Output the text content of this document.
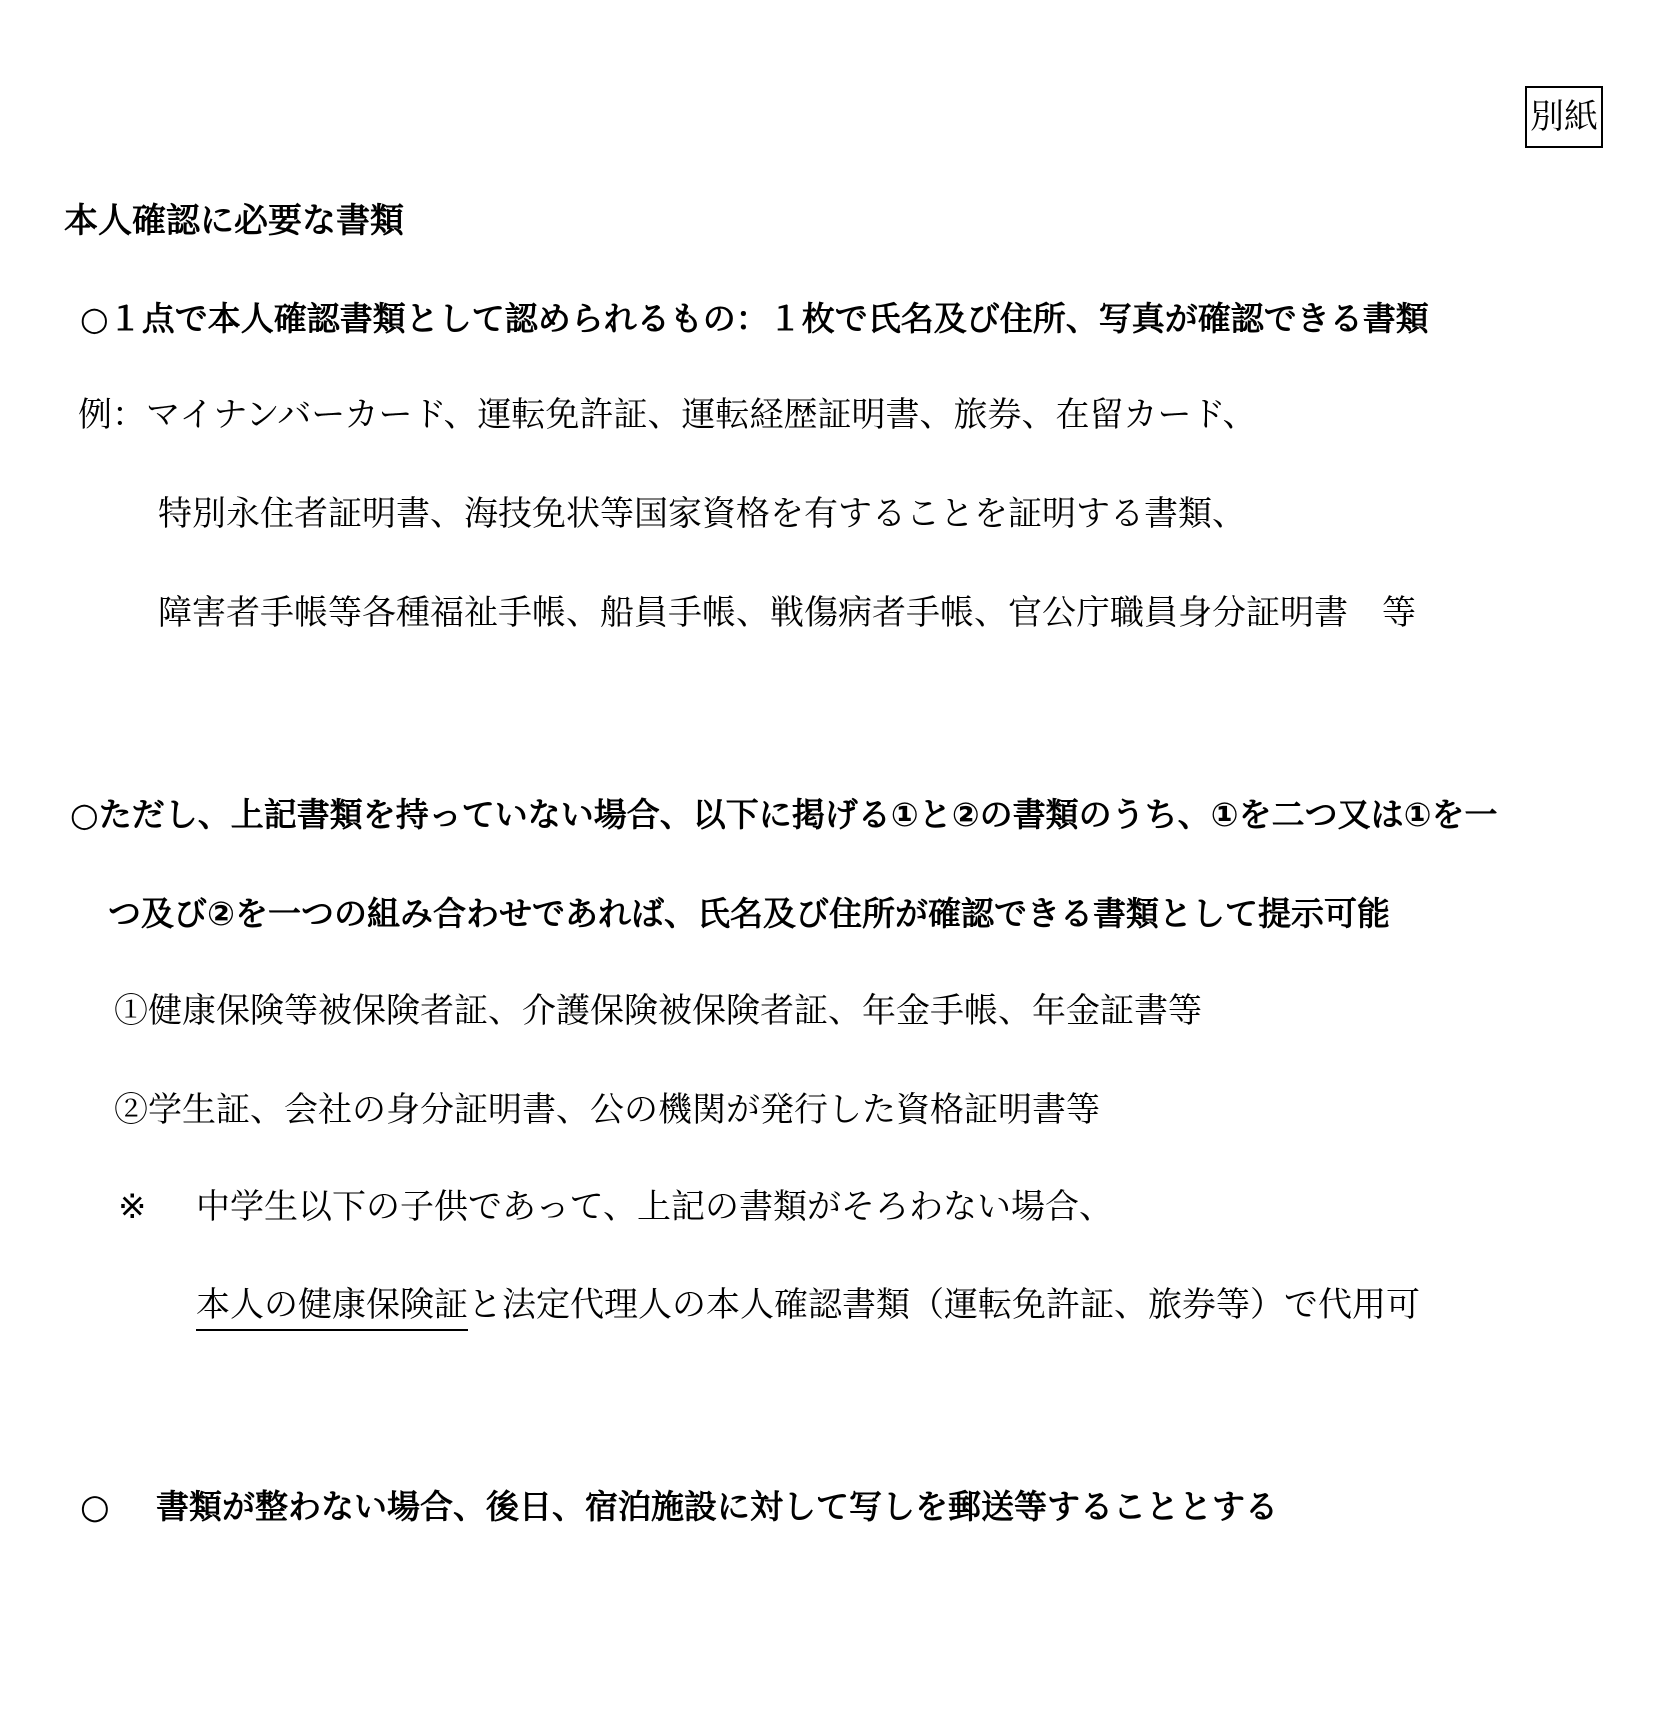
別紙
本人確認に必要な書類
○１点で本人確認書類として認められるもの：１枚で氏名及び住所、写真が確認できる書類
例：マイナンバーカード、運転免許証、運転経歴証明書、旅券、在留カード、
特別永住者証明書、海技免状等国家資格を有することを証明する書類、
障害者手帳等各種福祉手帳、船員手帳、戦傷病者手帳、官公庁職員身分証明書　等
○ただし、上記書類を持っていない場合、以下に掲げる①と②の書類のうち、①を二つ又は①を一
つ及び②を一つの組み合わせであれば、氏名及び住所が確認できる書類として提示可能
①健康保険等被保険者証、介護保険被保険者証、年金手帳、年金証書等
②学生証、会社の身分証明書、公の機関が発行した資格証明書等
※ 中学生以下の子供であって、上記の書類がそろわない場合、
本人の健康保険証と法定代理人の本人確認書類（運転免許証、旅券等）で代用可
○ 書類が整わない場合、後日、宿泊施設に対して写しを郵送等することとする
